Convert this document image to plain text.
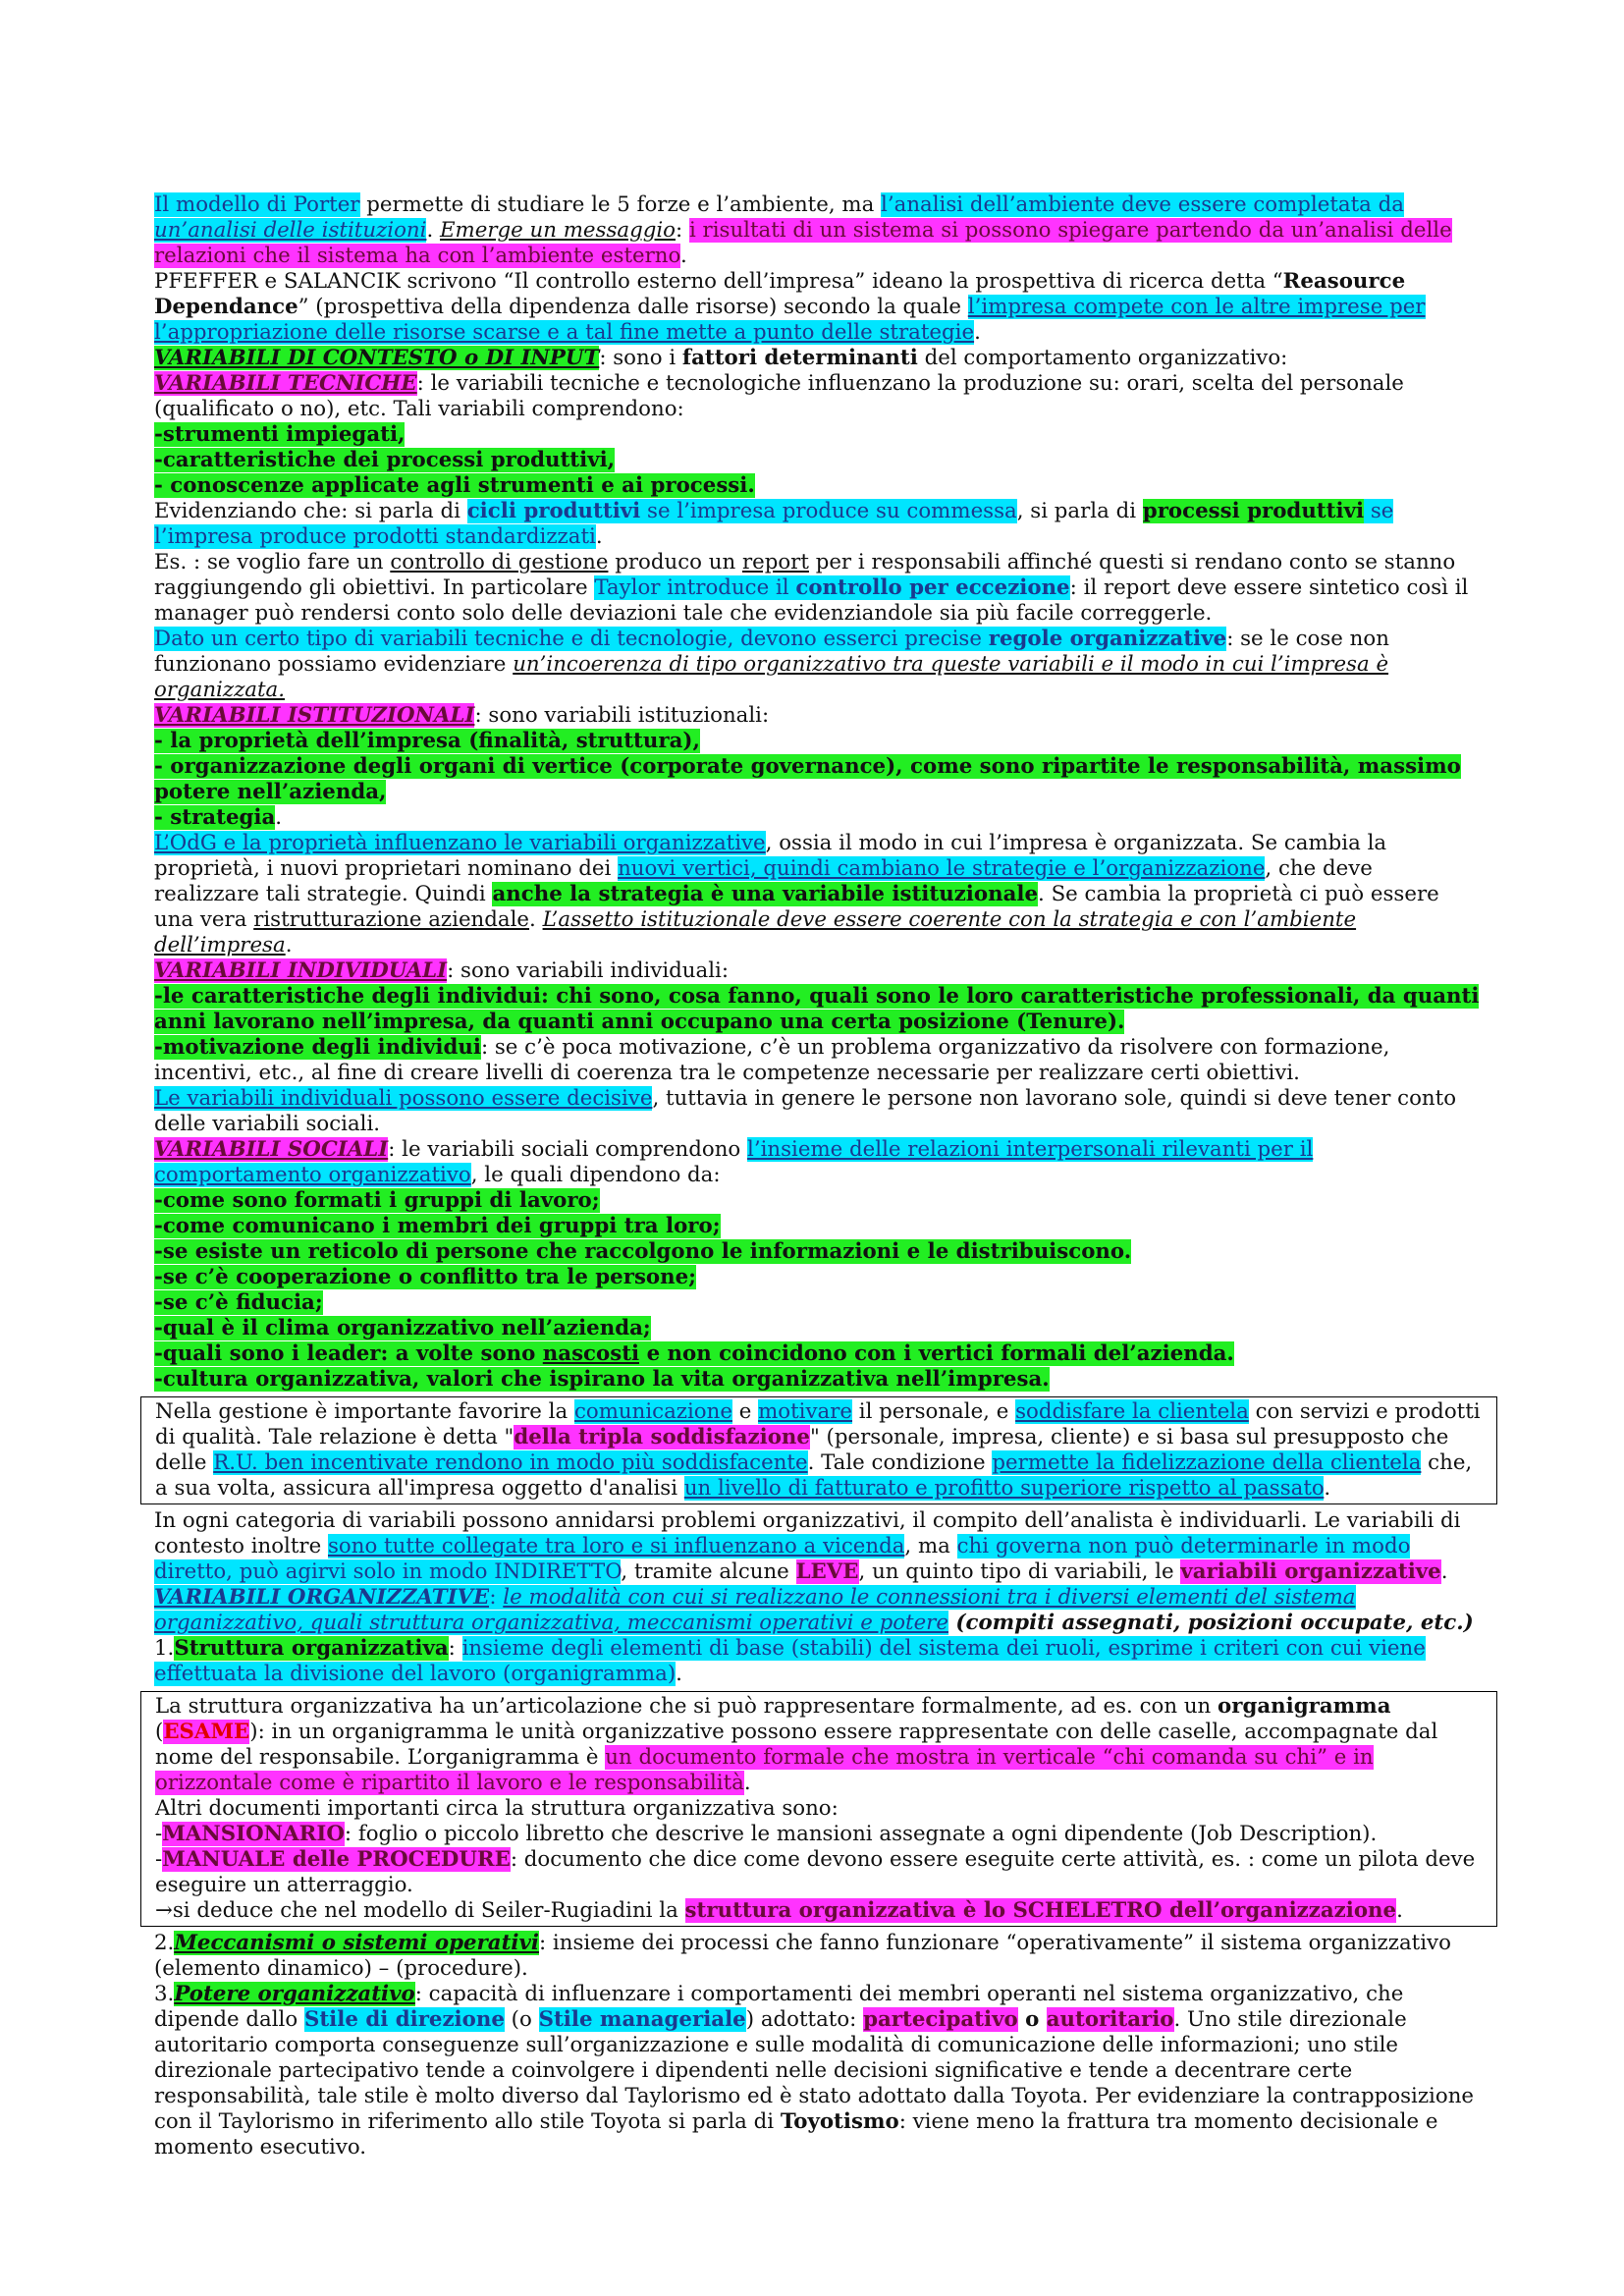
Il modello di Porter permette di studiare le 5 forze e l’ambiente, ma l’analisi dell’ambiente deve essere completata da un’analisi delle istituzioni. Emerge un messaggio: i risultati di un sistema si possono spiegare partendo da un’analisi delle relazioni che il sistema ha con l’ambiente esterno.

PFEFFER e SALANCIK scrivono “Il controllo esterno dell’impresa” ideano la prospettiva di ricerca detta “Reasource Dependance” (prospettiva della dipendenza dalle risorse) secondo la quale l’impresa compete con le altre imprese per l’appropriazione delle risorse scarse e a tal fine mette a punto delle strategie.

VARIABILI DI CONTESTO o DI INPUT: sono i fattori determinanti del comportamento organizzativo:

VARIABILI TECNICHE: le variabili tecniche e tecnologiche influenzano la produzione su: orari, scelta del personale (qualificato o no), etc. Tali variabili comprendono:

-strumenti impiegati,

-caratteristiche dei processi produttivi,

- conoscenze applicate agli strumenti e ai processi.

Evidenziando che: si parla di cicli produttivi se l’impresa produce su commessa, si parla di processi produttivi se l’impresa produce prodotti standardizzati.

Es. : se voglio fare un controllo di gestione produco un report per i responsabili affinché questi si rendano conto se stanno raggiungendo gli obiettivi. In particolare Taylor introduce il controllo per eccezione: il report deve essere sintetico così il manager può rendersi conto solo delle deviazioni tale che evidenziandole sia più facile correggerle.

Dato un certo tipo di variabili tecniche e di tecnologie, devono esserci precise regole organizzative: se le cose non funzionano possiamo evidenziare un’incoerenza di tipo organizzativo tra queste variabili e il modo in cui l’impresa è organizzata.

VARIABILI ISTITUZIONALI: sono variabili istituzionali:

- la proprietà dell’impresa (finalità, struttura),

- organizzazione degli organi di vertice (corporate governance), come sono ripartite le responsabilità, massimo potere nell’azienda,

- strategia.

L’OdG e la proprietà influenzano le variabili organizzative, ossia il modo in cui l’impresa è organizzata. Se cambia la proprietà, i nuovi proprietari nominano dei nuovi vertici, quindi cambiano le strategie e l’organizzazione, che deve realizzare tali strategie. Quindi anche la strategia è una variabile istituzionale. Se cambia la proprietà ci può essere una vera ristrutturazione aziendale. L’assetto istituzionale deve essere coerente con la strategia e con l’ambiente dell’impresa.

VARIABILI INDIVIDUALI: sono variabili individuali:

-le caratteristiche degli individui: chi sono, cosa fanno, quali sono le loro caratteristiche professionali, da quanti anni lavorano nell’impresa, da quanti anni occupano una certa posizione (Tenure).

-motivazione degli individui: se c’è poca motivazione, c’è un problema organizzativo da risolvere con formazione, incentivi, etc., al fine di creare livelli di coerenza tra le competenze necessarie per realizzare certi obiettivi.

Le variabili individuali possono essere decisive, tuttavia in genere le persone non lavorano sole, quindi si deve tener conto delle variabili sociali.

VARIABILI SOCIALI: le variabili sociali comprendono l’insieme delle relazioni interpersonali rilevanti per il comportamento organizzativo, le quali dipendono da:

-come sono formati i gruppi di lavoro;

-come comunicano i membri dei gruppi tra loro;

-se esiste un reticolo di persone che raccolgono le informazioni e le distribuiscono.

-se c’è cooperazione o conflitto tra le persone;

-se c’è fiducia;

-qual è il clima organizzativo nell’azienda;

-quali sono i leader: a volte sono nascosti e non coincidono con i vertici formali del’azienda.

-cultura organizzativa, valori che ispirano la vita organizzativa nell’impresa.

Nella gestione è importante favorire la comunicazione e motivare il personale, e soddisfare la clientela con servizi e prodotti di qualità. Tale relazione è detta "della tripla soddisfazione" (personale, impresa, cliente) e si basa sul presupposto che delle R.U. ben incentivate rendono in modo più soddisfacente. Tale condizione permette la fidelizzazione della clientela che, a sua volta, assicura all'impresa oggetto d'analisi un livello di fatturato e profitto superiore rispetto al passato.

In ogni categoria di variabili possono annidarsi problemi organizzativi, il compito dell’analista è individuarli. Le variabili di contesto inoltre sono tutte collegate tra loro e si influenzano a vicenda, ma chi governa non può determinarle in modo diretto, può agirvi solo in modo INDIRETTO, tramite alcune LEVE, un quinto tipo di variabili, le variabili organizzative.

VARIABILI ORGANIZZATIVE: le modalità con cui si realizzano le connessioni tra i diversi elementi del sistema organizzativo, quali struttura organizzativa, meccanismi operativi e potere (compiti assegnati, posizioni occupate, etc.)

1.Struttura organizzativa: insieme degli elementi di base (stabili) del sistema dei ruoli, esprime i criteri con cui viene effettuata la divisione del lavoro (organigramma).

La struttura organizzativa ha un’articolazione che si può rappresentare formalmente, ad es. con un organigramma (ESAME): in un organigramma le unità organizzative possono essere rappresentate con delle caselle, accompagnate dal nome del responsabile. L’organigramma è un documento formale che mostra in verticale “chi comanda su chi” e in orizzontale come è ripartito il lavoro e le responsabilità.

Altri documenti importanti circa la struttura organizzativa sono:

-MANSIONARIO: foglio o piccolo libretto che descrive le mansioni assegnate a ogni dipendente (Job Description).

-MANUALE delle PROCEDURE: documento che dice come devono essere eseguite certe attività, es. : come un pilota deve eseguire un atterraggio.

→si deduce che nel modello di Seiler-Rugiadini la struttura organizzativa è lo SCHELETRO dell’organizzazione.

2.Meccanismi o sistemi operativi: insieme dei processi che fanno funzionare “operativamente” il sistema organizzativo (elemento dinamico) – (procedure).

3.Potere organizzativo: capacità di influenzare i comportamenti dei membri operanti nel sistema organizzativo, che dipende dallo Stile di direzione (o Stile manageriale) adottato: partecipativo o autoritario. Uno stile direzionale autoritario comporta conseguenze sull’organizzazione e sulle modalità di comunicazione delle informazioni; uno stile direzionale partecipativo tende a coinvolgere i dipendenti nelle decisioni significative e tende a decentrare certe responsabilità, tale stile è molto diverso dal Taylorismo ed è stato adottato dalla Toyota. Per evidenziare la contrapposizione con il Taylorismo in riferimento allo stile Toyota si parla di Toyotismo: viene meno la frattura tra momento decisionale e momento esecutivo.
